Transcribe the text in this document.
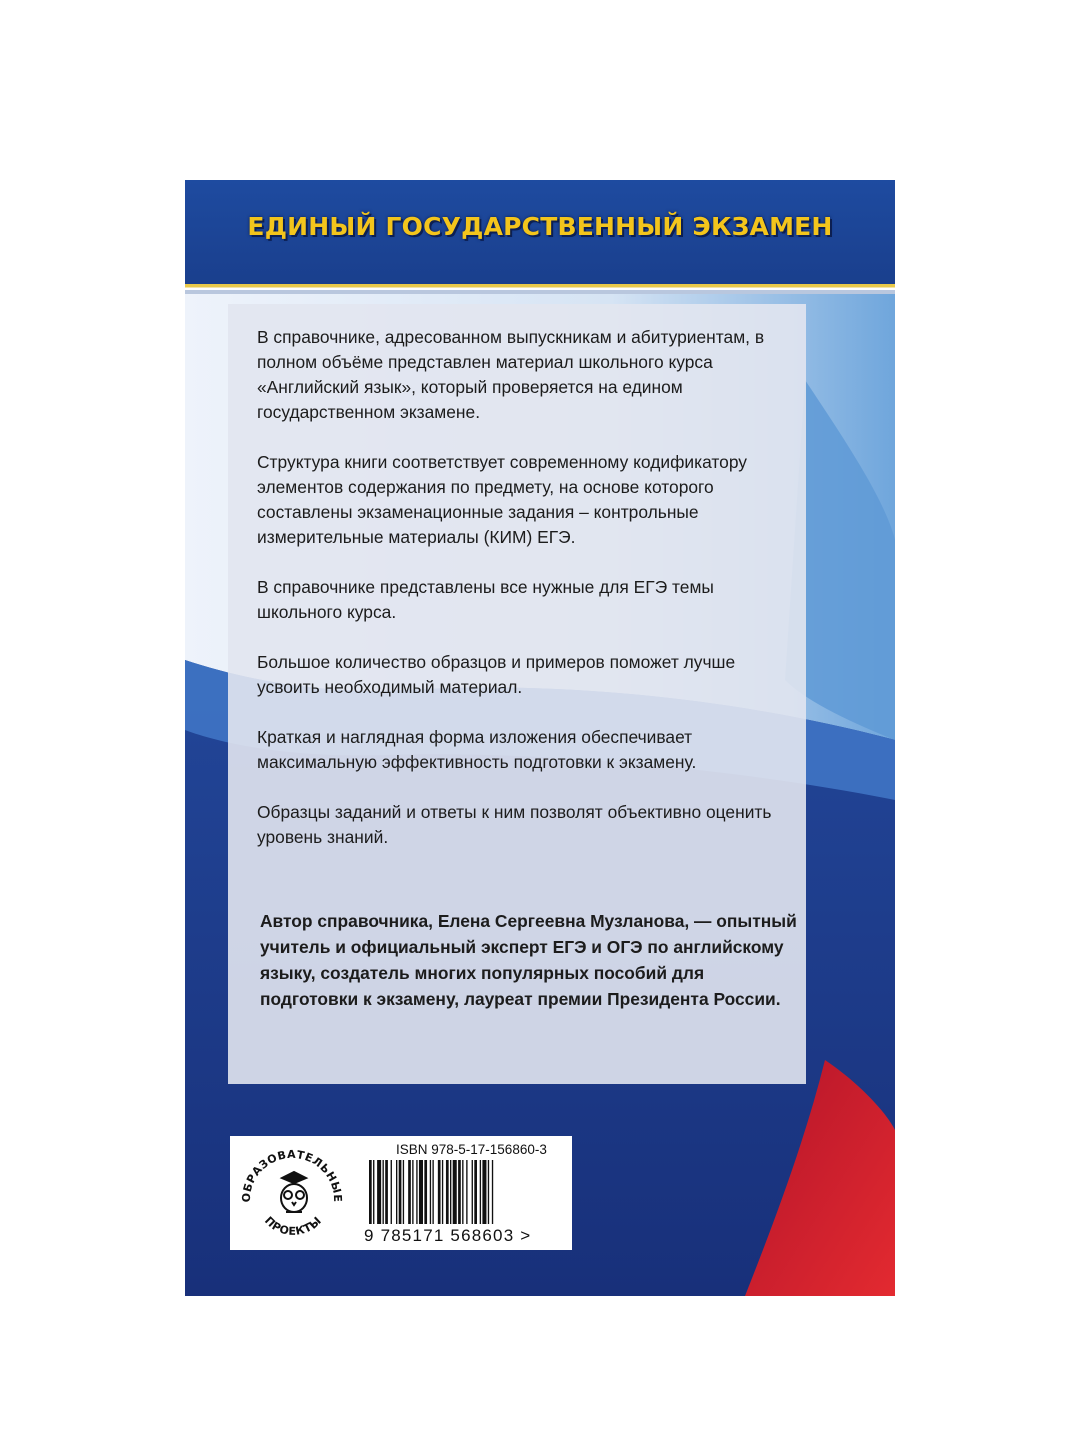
ЕДИНЫЙ ГОСУДАРСТВЕННЫЙ ЭКЗАМЕН

В справочнике, адресованном выпускникам и абитуриентам, в полном объёме представлен материал школьного курса «Английский язык», который проверяется на едином государственном экзамене.

Структура книги соответствует современному кодификатору элементов содержания по предмету, на основе которого составлены экзаменационные задания – контрольные измерительные материалы (КИМ) ЕГЭ.

В справочнике представлены все нужные для ЕГЭ темы школьного курса.

Большое количество образцов и примеров поможет лучше усвоить необходимый материал.

Краткая и наглядная форма изложения обеспечивает максимальную эффективность подготовки к экзамену.

Образцы заданий и ответы к ним позволят объективно оценить уровень знаний.

Автор справочника, Елена Сергеевна Музланова, — опытный учитель и официальный эксперт ЕГЭ и ОГЭ по английскому языку, создатель многих популярных пособий для подготовки к экзамену, лауреат премии Президента России.
ОБРАЗОВАТЕЛЬНЫЕ
ПРОЕКТЫ
ISBN 978-5-17-156860-3
9 785171 568603 >
